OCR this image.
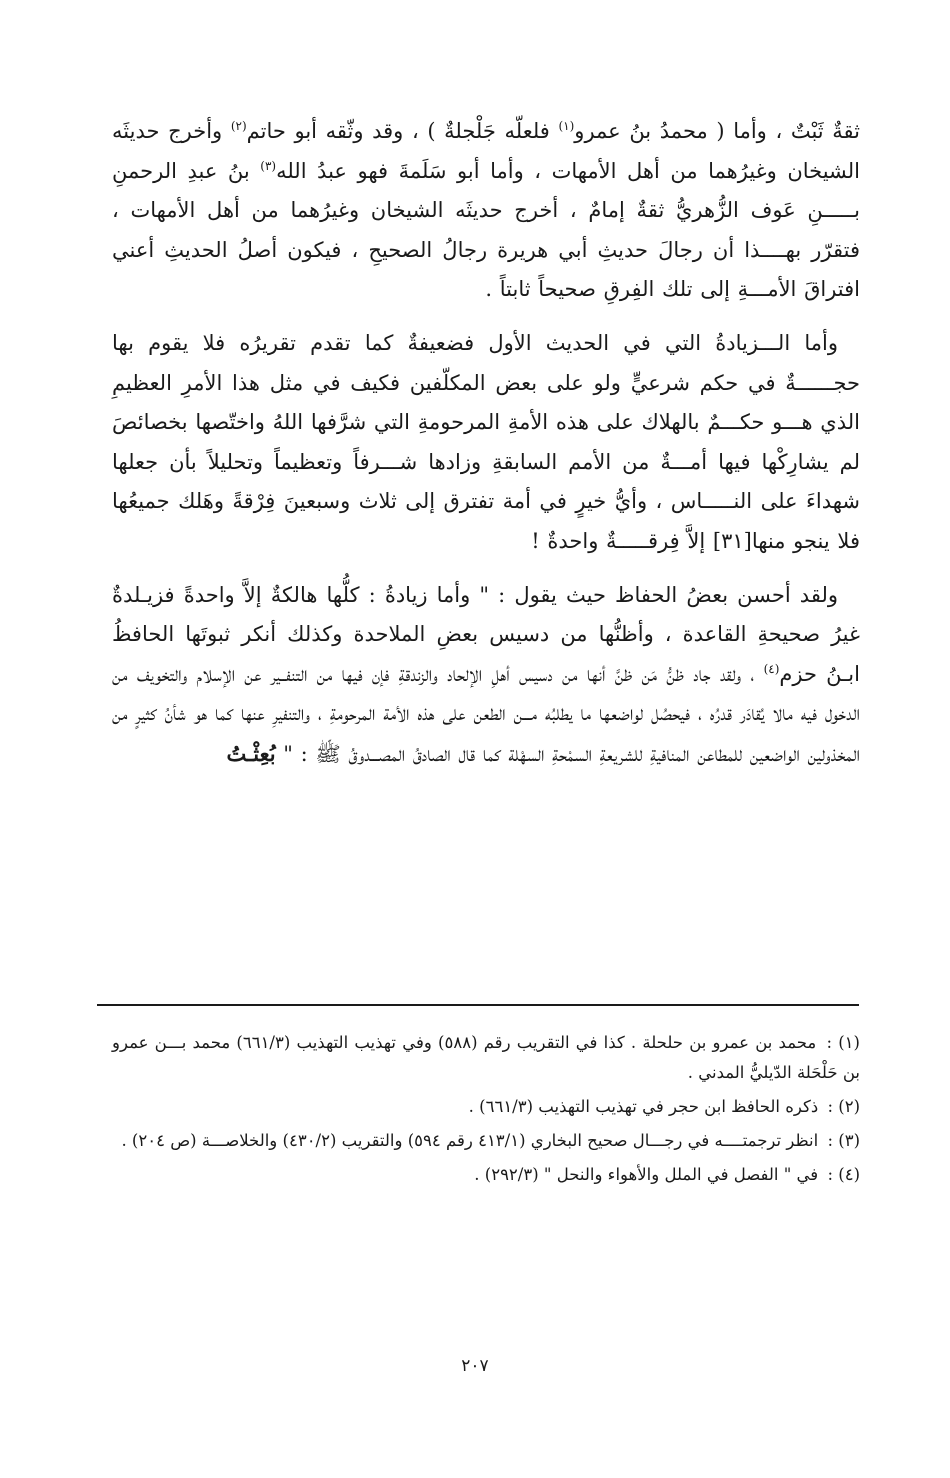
ثقةٌ ثَبْتٌ ، وأما ( محمدُ بنُ عمرو$^{(١)}$ فلعلّه جَلْجلةٌ ) ، وقد وثّقه أبو حاتم$^{(٢)}$ وأخرج حديثَه الشيخان وغيرُهما من أهل الأمهات ، وأما أبو سَلَمةَ فهو عبدُ الله$^{(٣)}$ بنُ عبدِ الرحمنِ بـــــنِ عَوف الزُّهريُّ ثقةٌ إمامٌ ، أخرج حديثَه الشيخان وغيرُهما من أهل الأمهات ، فتقرّر بهــــذا أن رجالَ حديثِ أبي هريرة رجالُ الصحيحِ ، فيكون أصلُ الحديثِ أعني افتراقَ الأمـــةِ إلى تلك الفِرقِ صحيحاً ثابتاً .

وأما الـــزيادةُ التي في الحديث الأول فضعيفةٌ كما تقدم تقريرُه فلا يقوم بها حجــــــةٌ في حكم شرعيٍّ ولو على بعض المكلّفين فكيف في مثل هذا الأمرِ العظيمِ الذي هـــو حكـــمٌ بالهلاك على هذه الأمةِ المرحومةِ التي شرَّفها اللهُ واختّصها بخصائصَ لم يشارِكْها فيها أمـــةٌ من الأمم السابقةِ وزادها شـــرفاً وتعظيماً وتحليلاً بأن جعلها شهداءَ على النـــــاس ، وأيُّ خيرٍ في أمة تفترق إلى ثلاث وسبعينَ فِرْقةً وهَلك جميعُها فلا ينجو منها[٣١] إلاَّ فِرقـــــةٌ واحدةٌ !

ولقد أحسن بعضُ الحفاظ حيث يقول : " وأما زيادةُ : كلُّها هالكةٌ إلاَّ واحدةً فزيـلدةٌ غيرُ صحيحةِ القاعدة ، وأظنُّها من دسيس بعضِ الملاحدة وكذلك أنكر ثبوتَها الحافظُ ابـنُ حزم$^{(٤)}$ ، ولقد جاد ظنُّ مَن ظنَّ أنها من دسيس أهلِ الإلحاد والزندقةِ فإن فيها من التنفــير عن الإسلام والتخويف من الدخول فيه مالا يُقادَر قدرُه ، فيحصُل لواضعها ما يطلبُه مـــن الطعن على هذه الأمة المرحومةِ ، والتنفيرِ عنها كما هو شأنُ كثيرٍ من المخذولين الواضعين للمطاعن المنافيةِ للشريعةِ السمْحةِ السهْلة كما قال الصادقُ المصـــدوقُ ﷺ : " بُعِثْـتُ

(١) : محمد بن عمرو بن حلحلة . كذا في التقريب رقم (٥٨٨) وفي تهذيب التهذيب (٦٦١/٣) محمد بـــن عمرو بن حَلْحَلة الدّيليُّ المدني .
(٢) : ذكره الحافظ ابن حجر في تهذيب التهذيب (٦٦١/٣) .
(٣) : انظر ترجمتــــه في رجـــال صحيح البخاري (٤١٣/١ رقم ٥٩٤) والتقريب (٤٣٠/٢) والخلاصـــة (ص ٢٠٤) .
(٤) : في " الفصل في الملل والأهواء والنحل " (٢٩٢/٣) .
٢٠٧
